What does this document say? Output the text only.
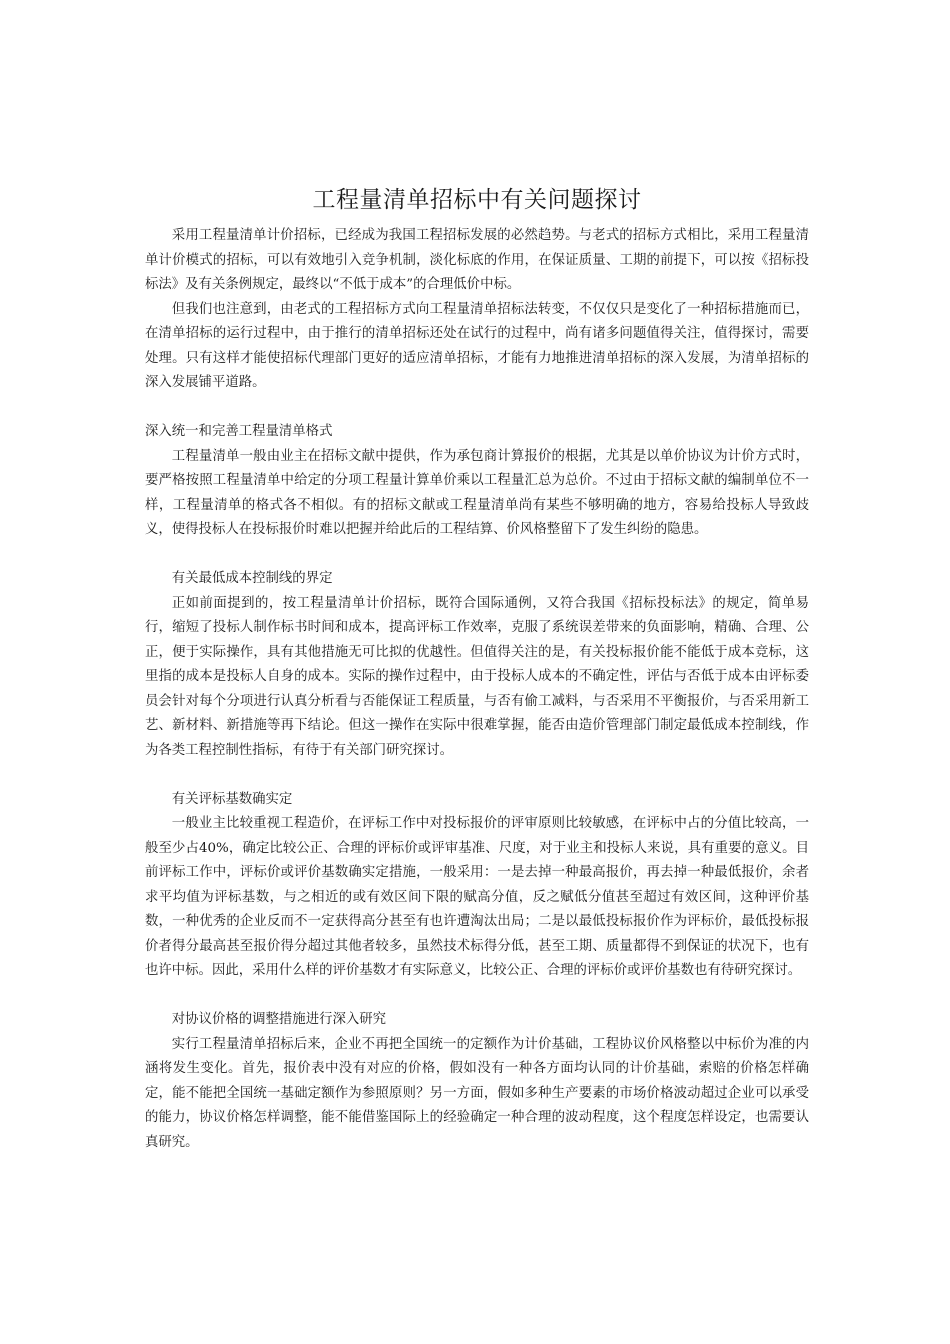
工程量清单招标中有关问题探讨

采用工程量清单计价招标，已经成为我国工程招标发展的必然趋势。与老式的招标方式相比，采用工程量清单计价模式的招标，可以有效地引入竞争机制，淡化标底的作用，在保证质量、工期的前提下，可以按《招标投标法》及有关条例规定，最终以“不低于成本”的合理低价中标。

但我们也注意到，由老式的工程招标方式向工程量清单招标法转变，不仅仅只是变化了一种招标措施而已，在清单招标的运行过程中，由于推行的清单招标还处在试行的过程中，尚有诸多问题值得关注，值得探讨，需要处理。只有这样才能使招标代理部门更好的适应清单招标，才能有力地推进清单招标的深入发展，为清单招标的深入发展铺平道路。

深入统一和完善工程量清单格式

工程量清单一般由业主在招标文献中提供，作为承包商计算报价的根据，尤其是以单价协议为计价方式时，要严格按照工程量清单中给定的分项工程量计算单价乘以工程量汇总为总价。不过由于招标文献的编制单位不一样，工程量清单的格式各不相似。有的招标文献或工程量清单尚有某些不够明确的地方，容易给投标人导致歧义，使得投标人在投标报价时难以把握并给此后的工程结算、价风格整留下了发生纠纷的隐患。

有关最低成本控制线的界定

正如前面提到的，按工程量清单计价招标，既符合国际通例，又符合我国《招标投标法》的规定，简单易行，缩短了投标人制作标书时间和成本，提高评标工作效率，克服了系统误差带来的负面影响，精确、合理、公正，便于实际操作，具有其他措施无可比拟的优越性。但值得关注的是，有关投标报价能不能低于成本竞标，这里指的成本是投标人自身的成本。实际的操作过程中，由于投标人成本的不确定性，评估与否低于成本由评标委员会针对每个分项进行认真分析看与否能保证工程质量，与否有偷工减料，与否采用不平衡报价，与否采用新工艺、新材料、新措施等再下结论。但这一操作在实际中很难掌握，能否由造价管理部门制定最低成本控制线，作为各类工程控制性指标，有待于有关部门研究探讨。

有关评标基数确实定

一般业主比较重视工程造价，在评标工作中对投标报价的评审原则比较敏感，在评标中占的分值比较高，一般至少占40%，确定比较公正、合理的评标价或评审基准、尺度，对于业主和投标人来说，具有重要的意义。目前评标工作中，评标价或评价基数确实定措施，一般采用：一是去掉一种最高报价，再去掉一种最低报价，余者求平均值为评标基数，与之相近的或有效区间下限的赋高分值，反之赋低分值甚至超过有效区间，这种评价基数，一种优秀的企业反而不一定获得高分甚至有也许遭淘汰出局；二是以最低投标报价作为评标价，最低投标报价者得分最高甚至报价得分超过其他者较多，虽然技术标得分低，甚至工期、质量都得不到保证的状况下，也有也许中标。因此，采用什么样的评价基数才有实际意义，比较公正、合理的评标价或评价基数也有待研究探讨。

对协议价格的调整措施进行深入研究

实行工程量清单招标后来，企业不再把全国统一的定额作为计价基础，工程协议价风格整以中标价为准的内涵将发生变化。首先，报价表中没有对应的价格，假如没有一种各方面均认同的计价基础，索赔的价格怎样确定，能不能把全国统一基础定额作为参照原则？另一方面，假如多种生产要素的市场价格波动超过企业可以承受的能力，协议价格怎样调整，能不能借鉴国际上的经验确定一种合理的波动程度，这个程度怎样设定，也需要认真研究。
